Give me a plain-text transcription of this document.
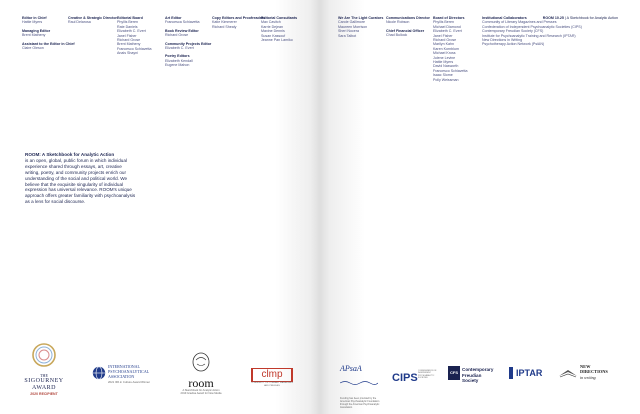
Editor in Chief
Hattie Myers
Managing Editor
Brent Matheny
Assistant to the Editor in Chief
Claire Oleson
Creative & Strategic Director
Raul Delarosa
Editorial Board
Phyllis Beren
Rate Daniels
Elizabeth C. Evert
Janel Fisher
Richard Grose
Brent Matheny
Francesco Schiavetta
Anais Shayni
Art Editor
Francesca Schiavetta
Book Review Editor
Richard Grose
Community Projects Editor
Elizabeth C. Evert
Poetry Editors
Elizabeth Kendall
Eugene Mahon
Copy Editors and Proofreaders
Katie Kimmerer
Richard Shealy
Editorial Consultants
Max Cavitch
Karrie Dejean
Maxine Dennis
Susan Kassouf
Jeanne Pan Lamiko
ROOM: A Sketchbook for Analytic Action
is an open, global, public forum in which individual experience shared through essays, art, creative writing, poetry, and community projects enrich our understanding of the social and political world. We believe that the exquisite singularity of individual expression has universal relevance. ROOM's unique approach offers greater familiarity with psychoanalysis as a lens for social discourse.
THE
SIGOURNEY
AWARD
2020 RECIPIENT
INTERNATIONAL
PSYCHOANALYTICAL
ASSOCIATION
2021 IPA in Culture Award Winner	room
A Sketchbook for Analytic Action
2019 Gradiva Award for New Media
clmp
COMMUNITY OF LITERARY MAGAZINES AND PRESSES
We Are The Light Curators
Carole Gallimore
Maureen Morrison
Sheri Nocera
Sara Talbot
Communications Director
Nicole Robson
Chief Financial Officer
Chad Bullock
Board of Directors
Phyllis Beren
Michael Diamond
Elizabeth C. Evert
Janel Fisher
Richard Grose
Marilyn Kahn
Karen Kornblum
Michael Kross
Julene Levine
Hattie Myers
David Nasworth
Francesco Schiavetta
Isaac Slome
Polly Weissman
Institutional Collaborators
Community of Literary Magazines and Presses
Confederation of Independent Psychoanalytic Societies (CIPS)
Contemporary Freudian Society (CFS)
Institute for Psychoanalytic Training and Research (IPTAR)
New Directions in Writing
Psychotherapy Action Network (PsiAN)
ROOM 10.25 | A Sketchbook for Analytic Action
APsaA
Funding has been provided by the American Psychoanalytic Foundation through the American Psychoanalytic Association
CIPS
CONFEDERATION OF INDEPENDENT PSYCHOANALYTIC SOCIETIES
CFS
Contemporary
Freudian Society
IPTAR
NEW DIRECTIONS
in writing
